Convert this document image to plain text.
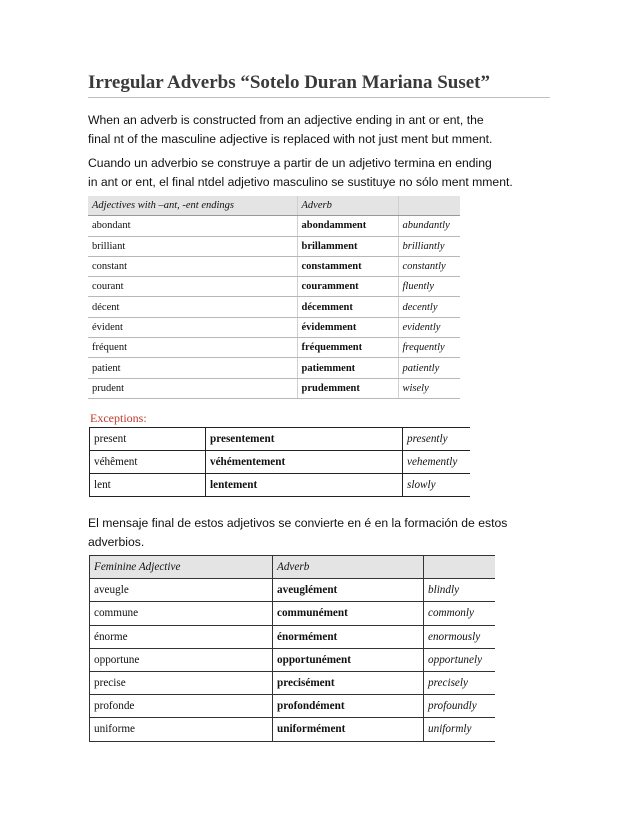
Irregular Adverbs “Sotelo Duran Mariana Suset”
When an adverb is constructed from an adjective ending in ant or ent, the
final nt of the masculine adjective is replaced with not just ment but mment.
Cuando un adverbio se construye a partir de un adjetivo termina en ending
in ant or ent, el final ntdel adjetivo masculino se sustituye no sólo ment mment.
Adjectives with –ant, -ent endings	Adverb	
abondant	abondamment	abundantly
brilliant	brillamment	brilliantly
constant	constamment	constantly
courant	couramment	fluently
décent	décemment	decently
évident	évidemment	evidently
fréquent	fréquemment	frequently
patient	patiemment	patiently
prudent	prudemment	wisely
Exceptions:
present	presentement	presently
véhêment	véhémentement	vehemently
lent	lentement	slowly
El mensaje final de estos adjetivos se convierte en é en la formación de estos
adverbios.
Feminine Adjective	Adverb	
aveugle	aveuglément	blindly
commune	communément	commonly
énorme	énormément	enormously
opportune	opportunément	opportunely
precise	precisément	precisely
profonde	profondément	profoundly
uniforme	uniformément	uniformly
